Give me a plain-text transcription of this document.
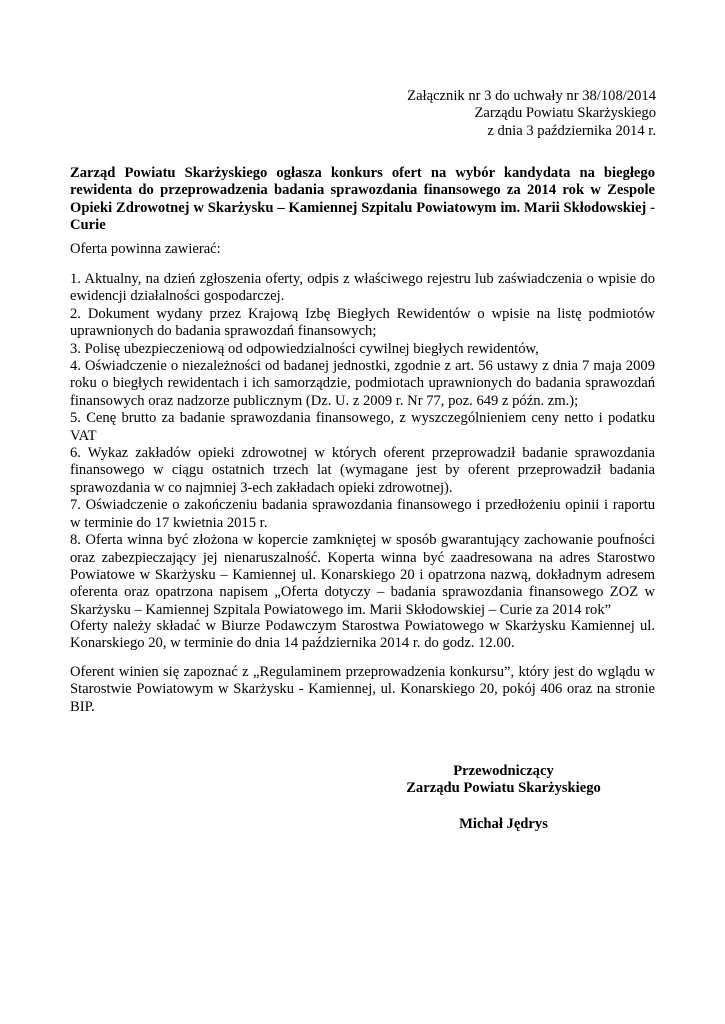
Załącznik nr 3 do uchwały nr 38/108/2014
Zarządu Powiatu Skarżyskiego
z dnia 3 października 2014 r.
Zarząd Powiatu Skarżyskiego ogłasza konkurs ofert na wybór kandydata na biegłego rewidenta do przeprowadzenia badania sprawozdania finansowego za 2014 rok w Zespole Opieki Zdrowotnej w Skarżysku – Kamiennej Szpitalu Powiatowym im. Marii Skłodowskiej - Curie
Oferta powinna zawierać:
1. Aktualny, na dzień zgłoszenia oferty, odpis z właściwego rejestru lub zaświadczenia o wpisie do ewidencji działalności gospodarczej.
2. Dokument wydany przez Krajową Izbę Biegłych Rewidentów o wpisie na listę podmiotów uprawnionych do badania sprawozdań finansowych;
3. Polisę ubezpieczeniową od odpowiedzialności cywilnej biegłych rewidentów,
4. Oświadczenie o niezależności od badanej jednostki, zgodnie z art. 56 ustawy z dnia 7 maja 2009 roku o biegłych rewidentach i ich samorządzie, podmiotach uprawnionych do badania sprawozdań finansowych oraz nadzorze publicznym (Dz. U. z 2009 r. Nr 77, poz. 649 z późn. zm.);
5. Cenę brutto za badanie sprawozdania finansowego, z wyszczególnieniem ceny netto i podatku VAT
6. Wykaz zakładów opieki zdrowotnej w których oferent przeprowadził badanie sprawozdania finansowego w ciągu ostatnich trzech lat (wymagane jest by oferent przeprowadził badania sprawozdania w co najmniej 3-ech zakładach opieki zdrowotnej).
7. Oświadczenie o zakończeniu badania sprawozdania finansowego i przedłożeniu opinii i raportu w terminie do 17 kwietnia 2015 r.
8. Oferta winna być złożona w kopercie zamkniętej w sposób gwarantujący zachowanie poufności oraz zabezpieczający jej nienaruszalność. Koperta winna być zaadresowana na adres Starostwo Powiatowe w Skarżysku – Kamiennej ul. Konarskiego 20 i opatrzona nazwą, dokładnym adresem oferenta oraz opatrzona napisem „Oferta dotyczy – badania sprawozdania finansowego ZOZ w Skarżysku – Kamiennej Szpitala Powiatowego im. Marii Skłodowskiej – Curie za 2014 rok”
Oferty należy składać w Biurze Podawczym Starostwa Powiatowego w Skarżysku Kamiennej ul. Konarskiego 20, w terminie do dnia 14 października 2014 r. do godz. 12.00.
Oferent winien się zapoznać z „Regulaminem przeprowadzenia konkursu”, który jest do wglądu w Starostwie Powiatowym w Skarżysku - Kamiennej, ul. Konarskiego 20, pokój 406 oraz na stronie BIP.
Przewodniczący
Zarządu Powiatu Skarżyskiego
Michał Jędrys
